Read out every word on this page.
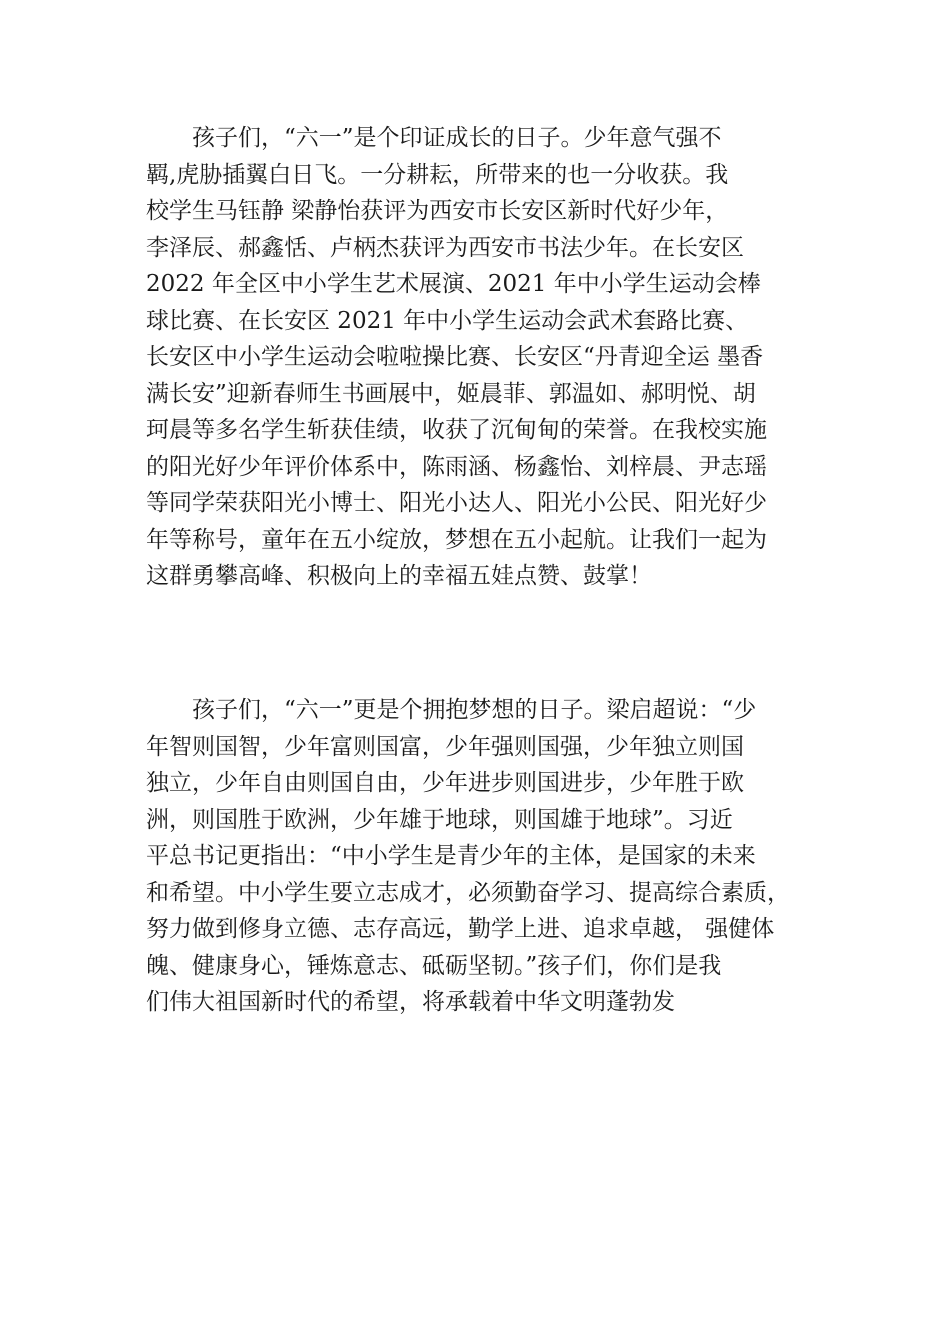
孩子们，“六一”是个印证成长的日子。少年意气强不
羁,虎胁插翼白日飞。一分耕耘，所带来的也一分收获。我
校学生马钰静 梁静怡获评为西安市长安区新时代好少年，
李泽辰、郝鑫恬、卢柄杰获评为西安市书法少年。在长安区
2022 年全区中小学生艺术展演、2021 年中小学生运动会棒
球比赛、在长安区 2021 年中小学生运动会武术套路比赛、
长安区中小学生运动会啦啦操比赛、长安区“丹青迎全运 墨香
满长安”迎新春师生书画展中，姬晨菲、郭温如、郝明悦、胡
珂晨等多名学生斩获佳绩，收获了沉甸甸的荣誉。在我校实施
的阳光好少年评价体系中，陈雨涵、杨鑫怡、刘梓晨、尹志瑶
等同学荣获阳光小博士、阳光小达人、阳光小公民、阳光好少
年等称号，童年在五小绽放，梦想在五小起航。让我们一起为
这群勇攀高峰、积极向上的幸福五娃点赞、鼓掌！
孩子们，“六一”更是个拥抱梦想的日子。梁启超说：“少
年智则国智，少年富则国富，少年强则国强，少年独立则国
独立，少年自由则国自由，少年进步则国进步，少年胜于欧
洲，则国胜于欧洲，少年雄于地球，则国雄于地球”。习近
平总书记更指出：“中小学生是青少年的主体，是国家的未来
和希望。中小学生要立志成才，必须勤奋学习、提高综合素质，
努力做到修身立德、志存高远，勤学上进、追求卓越， 强健体
魄、健康身心，锤炼意志、砥砺坚韧。”孩子们，你们是我
们伟大祖国新时代的希望，将承载着中华文明蓬勃发
